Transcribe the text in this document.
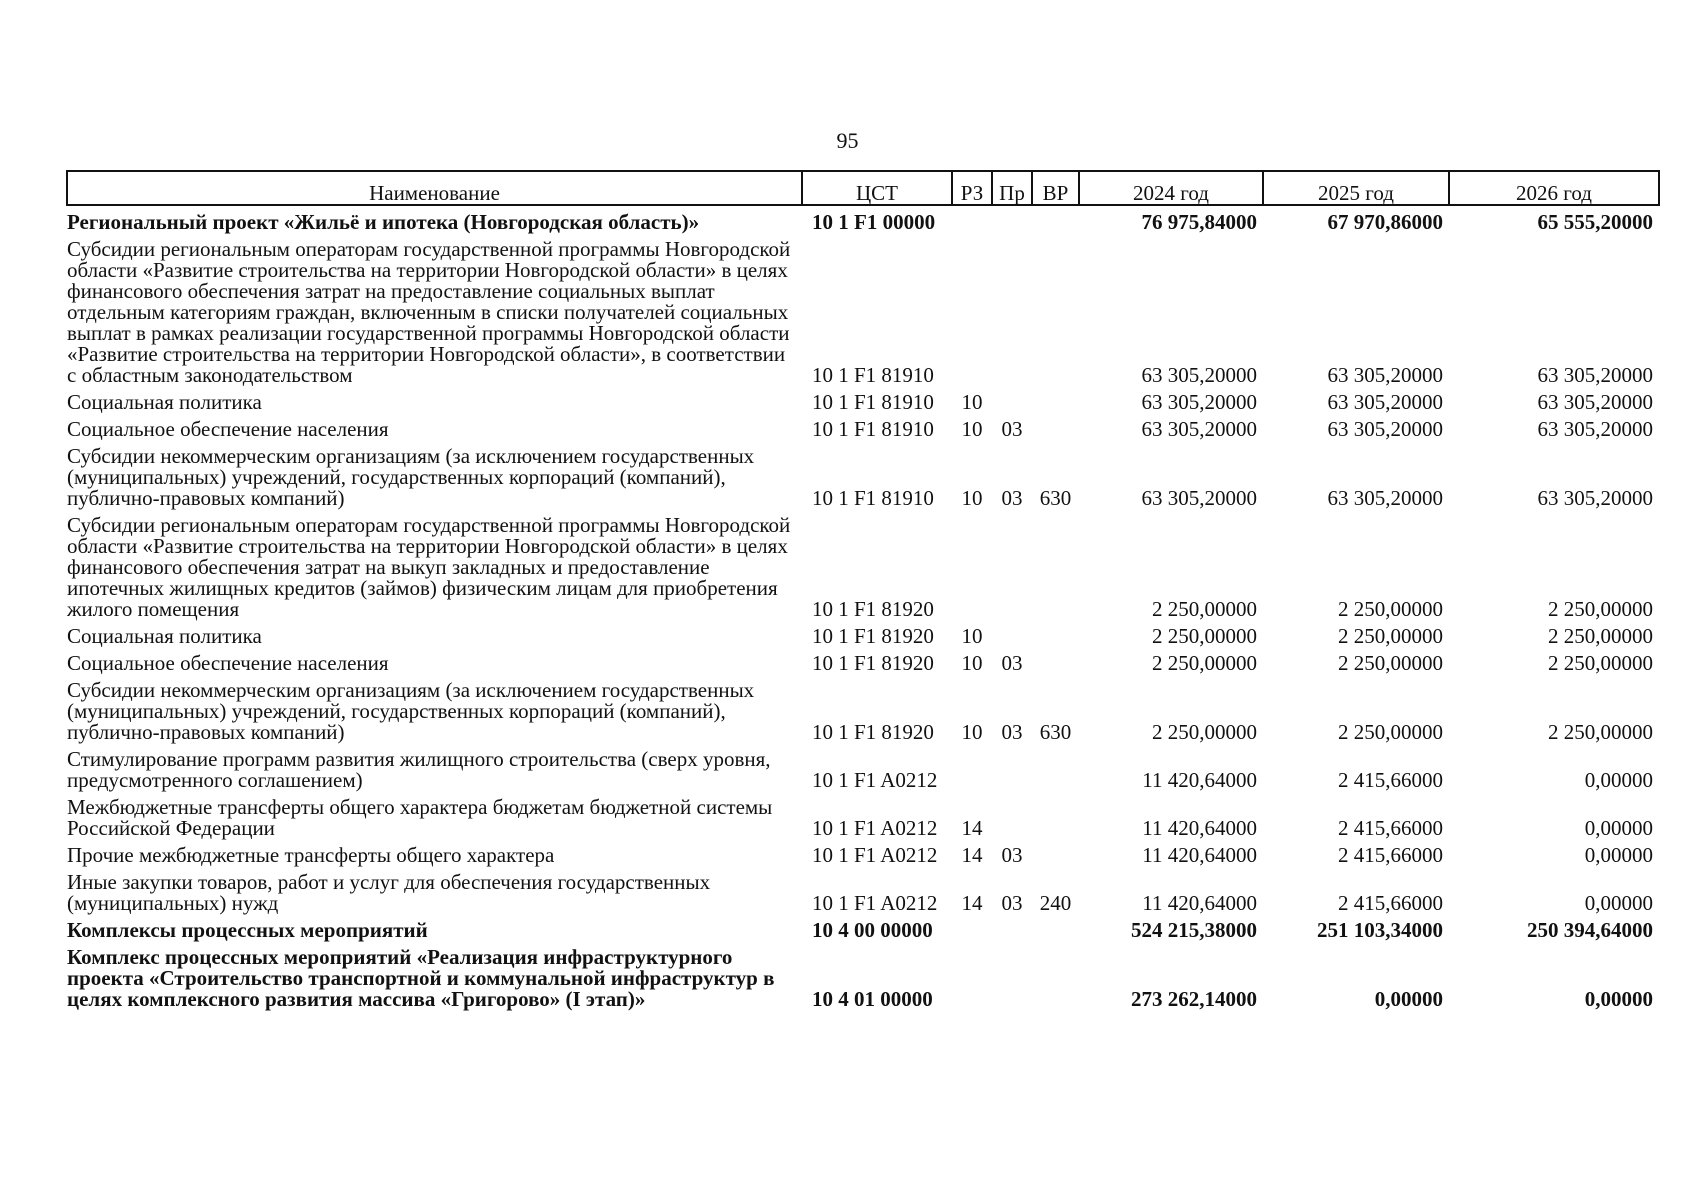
95
Наименование	ЦСТ	РЗ	Пр	ВР	2024 год	2025 год	2026 год
Региональный проект «Жильё и ипотека (Новгородская область)»	10 1 F1 00000				76 975,84000	67 970,86000	65 555,20000
Субсидии региональным операторам государственной программы Новгородской области «Развитие строительства на территории Новгородской области» в целях финансового обеспечения затрат на предоставление социальных выплат отдельным категориям граждан, включенным в списки получателей социальных выплат в рамках реализации государственной программы Новгородской области «Развитие строительства на территории Новгородской области», в соответствии с областным законодательством	10 1 F1 81910				63 305,20000	63 305,20000	63 305,20000
Социальная политика	10 1 F1 81910	10			63 305,20000	63 305,20000	63 305,20000
Социальное обеспечение населения	10 1 F1 81910	10	03		63 305,20000	63 305,20000	63 305,20000
Субсидии некоммерческим организациям (за исключением государственных (муниципальных) учреждений, государственных корпораций (компаний), публично-правовых компаний)	10 1 F1 81910	10	03	630	63 305,20000	63 305,20000	63 305,20000
Субсидии региональным операторам государственной программы Новгородской области «Развитие строительства на территории Новгородской области» в целях финансового обеспечения затрат на выкуп закладных и предоставление ипотечных жилищных кредитов (займов) физическим лицам для приобретения жилого помещения	10 1 F1 81920				2 250,00000	2 250,00000	2 250,00000
Социальная политика	10 1 F1 81920	10			2 250,00000	2 250,00000	2 250,00000
Социальное обеспечение населения	10 1 F1 81920	10	03		2 250,00000	2 250,00000	2 250,00000
Субсидии некоммерческим организациям (за исключением государственных (муниципальных) учреждений, государственных корпораций (компаний), публично-правовых компаний)	10 1 F1 81920	10	03	630	2 250,00000	2 250,00000	2 250,00000
Стимулирование программ развития жилищного строительства (сверх уровня, предусмотренного соглашением)	10 1 F1 A0212				11 420,64000	2 415,66000	0,00000
Межбюджетные трансферты общего характера бюджетам бюджетной системы Российской Федерации	10 1 F1 A0212	14			11 420,64000	2 415,66000	0,00000
Прочие межбюджетные трансферты общего характера	10 1 F1 A0212	14	03		11 420,64000	2 415,66000	0,00000
Иные закупки товаров, работ и услуг для обеспечения государственных (муниципальных) нужд	10 1 F1 A0212	14	03	240	11 420,64000	2 415,66000	0,00000
Комплексы процессных мероприятий	10 4 00 00000				524 215,38000	251 103,34000	250 394,64000
Комплекс процессных мероприятий «Реализация инфраструктурного проекта «Строительство транспортной и коммунальной инфраструктур в целях комплексного развития массива «Григорово» (I этап)»	10 4 01 00000				273 262,14000	0,00000	0,00000
